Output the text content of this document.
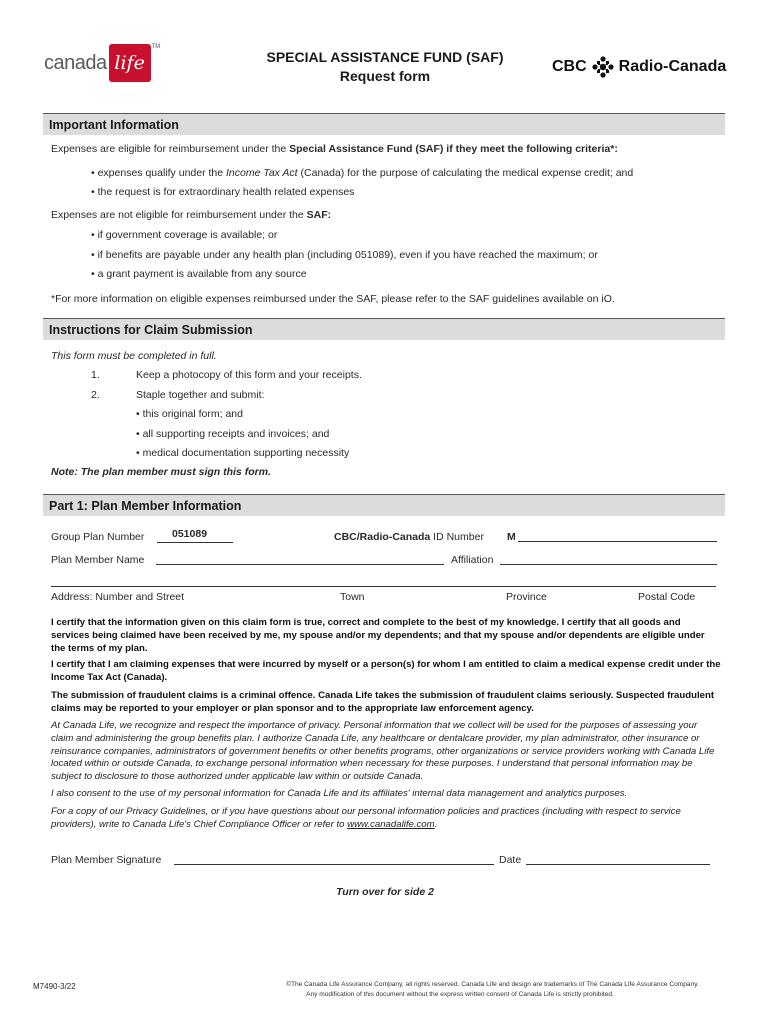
canada life
TM
SPECIAL ASSISTANCE FUND (SAF)
Request form
CBC Radio-Canada
Important Information
Expenses are eligible for reimbursement under the Special Assistance Fund (SAF) if they meet the following criteria*:
• expenses qualify under the Income Tax Act (Canada) for the purpose of calculating the medical expense credit; and
• the request is for extraordinary health related expenses
Expenses are not eligible for reimbursement under the SAF:
• if government coverage is available; or
• if benefits are payable under any health plan (including 051089), even if you have reached the maximum; or
• a grant payment is available from any source
*For more information on eligible expenses reimbursed under the SAF, please refer to the SAF guidelines available on iO.
Instructions for Claim Submission
This form must be completed in full.
1.	Keep a photocopy of this form and your receipts.
2.	Staple together and submit:
• this original form; and
• all supporting receipts and invoices; and
• medical documentation supporting necessity
Note: The plan member must sign this form.
Part 1: Plan Member Information
Group Plan Number	051089	CBC/Radio-Canada ID Number M
Plan Member Name	Affiliation
Address: Number and Street	Town	Province	Postal Code
I certify that the information given on this claim form is true, correct and complete to the best of my knowledge. I certify that all goods and services being claimed have been received by me, my spouse and/or my dependents; and that my spouse and/or dependents are eligible under the terms of my plan.
I certify that I am claiming expenses that were incurred by myself or a person(s) for whom I am entitled to claim a medical expense credit under the Income Tax Act (Canada).
The submission of fraudulent claims is a criminal offence. Canada Life takes the submission of fraudulent claims seriously. Suspected fraudulent claims may be reported to your employer or plan sponsor and to the appropriate law enforcement agency.
At Canada Life, we recognize and respect the importance of privacy. Personal information that we collect will be used for the purposes of assessing your claim and administering the group benefits plan. I authorize Canada Life, any healthcare or dentalcare provider, my plan administrator, other insurance or reinsurance companies, administrators of government benefits or other benefits programs, other organizations or service providers working with Canada Life located within or outside Canada, to exchange personal information when necessary for these purposes. I understand that personal information may be subject to disclosure to those authorized under applicable law within or outside Canada.
I also consent to the use of my personal information for Canada Life and its affiliates' internal data management and analytics purposes.
For a copy of our Privacy Guidelines, or if you have questions about our personal information policies and practices (including with respect to service providers), write to Canada Life's Chief Compliance Officer or refer to www.canadalife.com.
Plan Member Signature	Date
Turn over for side 2
M7490-3/22	©The Canada Life Assurance Company, all rights reserved. Canada Life and design are trademarks of The Canada Life Assurance Company.
Any modification of this document without the express written consent of Canada Life is strictly prohibited.
